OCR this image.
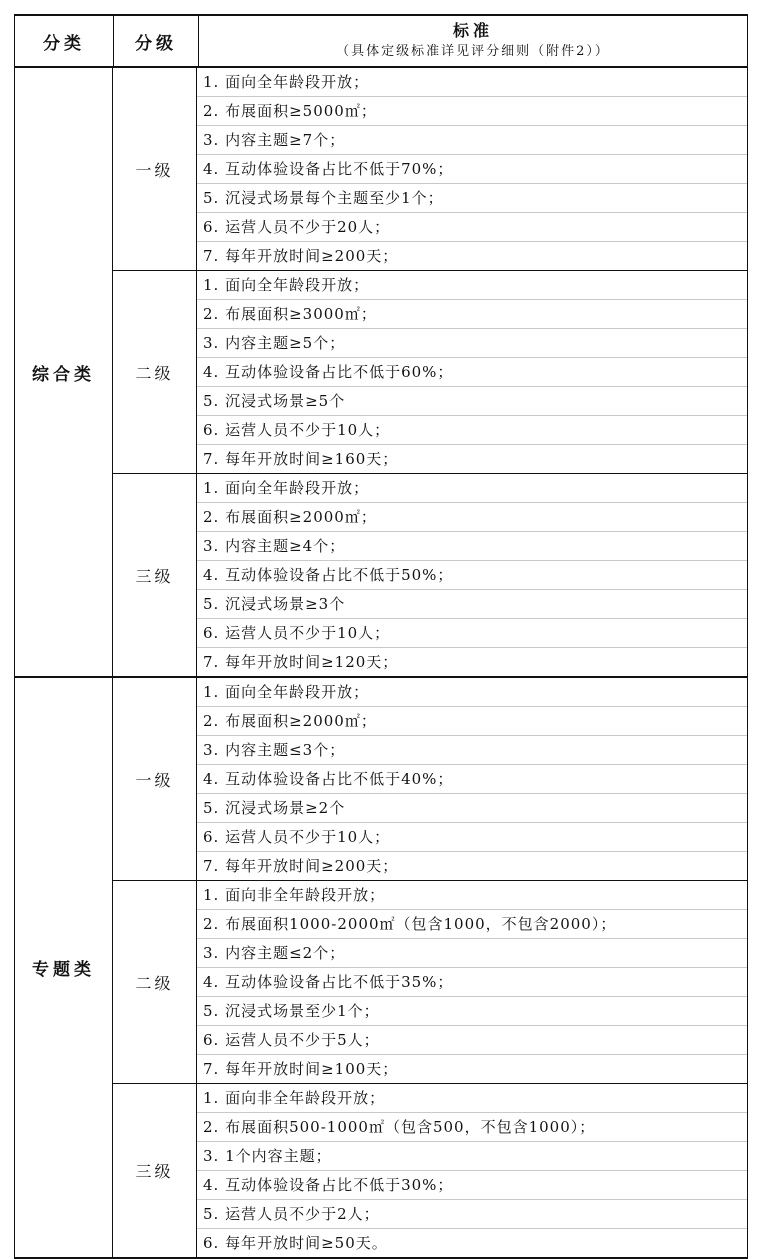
分类	分级
标准
（具体定级标准详见评分细则（附件2））
综合类
一级
1. 面向全年龄段开放；
2. 布展面积≥5000㎡；
3. 内容主题≥7个；
4. 互动体验设备占比不低于70%；
5. 沉浸式场景每个主题至少1个；
6. 运营人员不少于20人；
7. 每年开放时间≥200天；
二级
1. 面向全年龄段开放；
2. 布展面积≥3000㎡；
3. 内容主题≥5个；
4. 互动体验设备占比不低于60%；
5. 沉浸式场景≥5个
6. 运营人员不少于10人；
7. 每年开放时间≥160天；
三级
1. 面向全年龄段开放；
2. 布展面积≥2000㎡；
3. 内容主题≥4个；
4. 互动体验设备占比不低于50%；
5. 沉浸式场景≥3个
6. 运营人员不少于10人；
7. 每年开放时间≥120天；
专题类
一级
1. 面向全年龄段开放；
2. 布展面积≥2000㎡；
3. 内容主题≤3个；
4. 互动体验设备占比不低于40%；
5. 沉浸式场景≥2个
6. 运营人员不少于10人；
7. 每年开放时间≥200天；
二级
1. 面向非全年龄段开放；
2. 布展面积1000-2000㎡（包含1000，不包含2000）；
3. 内容主题≤2个；
4. 互动体验设备占比不低于35%；
5. 沉浸式场景至少1个；
6. 运营人员不少于5人；
7. 每年开放时间≥100天；
三级
1. 面向非全年龄段开放；
2. 布展面积500-1000㎡（包含500，不包含1000）；
3. 1个内容主题；
4. 互动体验设备占比不低于30%；
5. 运营人员不少于2人；
6. 每年开放时间≥50天。
